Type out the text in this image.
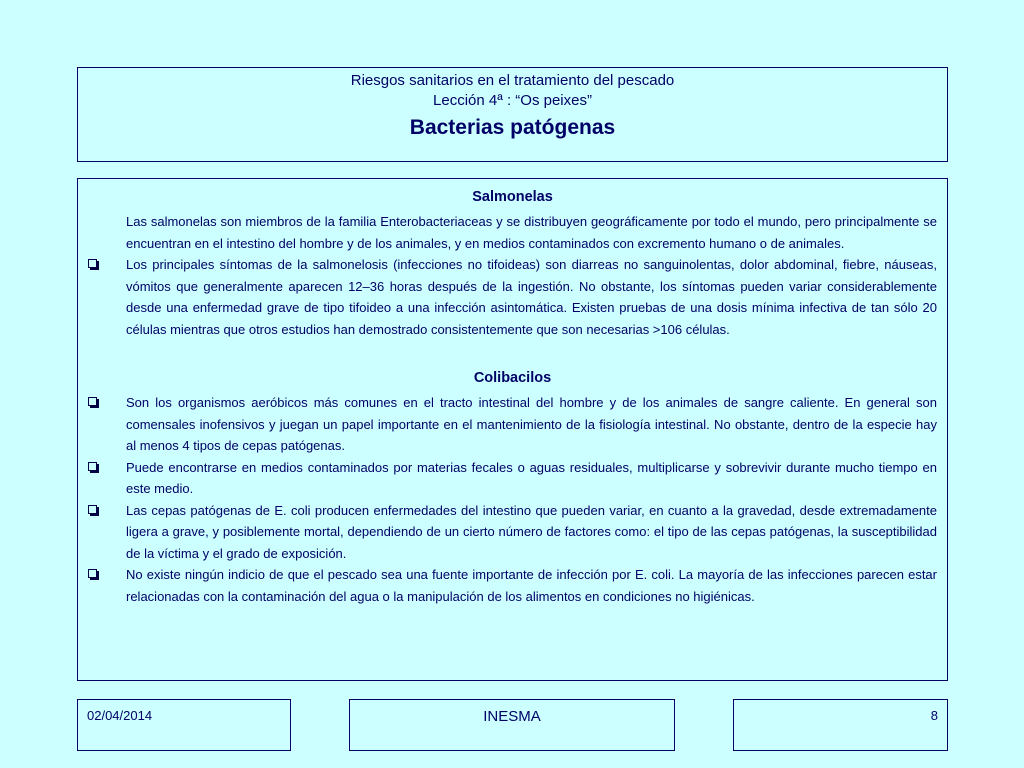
Riesgos sanitarios en el tratamiento del pescado
Lección 4ª : “Os peixes”
Bacterias patógenas
Salmonelas
Las salmonelas son miembros de la familia Enterobacteriaceas y se distribuyen geográficamente por todo el mundo, pero principalmente se encuentran en el intestino del hombre y de los animales, y en medios contaminados con excremento humano o de animales.
Los principales síntomas de la salmonelosis (infecciones no tifoideas) son diarreas no sanguinolentas, dolor abdominal, fiebre, náuseas, vómitos que generalmente aparecen 12–36 horas después de la ingestión. No obstante, los síntomas pueden variar considerablemente desde una enfermedad grave de tipo tifoideo a una infección asintomática. Existen pruebas de una dosis mínima infectiva de tan sólo 20 células mientras que otros estudios han demostrado consistentemente que son necesarias >106 células.
Colibacilos
Son los organismos aeróbicos más comunes en el tracto intestinal del hombre y de los animales de sangre caliente. En general son comensales inofensivos y juegan un papel importante en el mantenimiento de la fisiología intestinal. No obstante, dentro de la especie hay al menos 4 tipos de cepas patógenas.
Puede encontrarse en medios contaminados por materias fecales o aguas residuales, multiplicarse y sobrevivir durante mucho tiempo en este medio.
Las cepas patógenas de E. coli producen enfermedades del intestino que pueden variar, en cuanto a la gravedad, desde extremadamente ligera a grave, y posiblemente mortal, dependiendo de un cierto número de factores como: el tipo de las cepas patógenas, la susceptibilidad de la víctima y el grado de exposición.
No existe ningún indicio de que el pescado sea una fuente importante de infección por E. coli. La mayoría de las infecciones parecen estar relacionadas con la contaminación del agua o la manipulación de los alimentos en condiciones no higiénicas.
02/04/2014	INESMA	8
